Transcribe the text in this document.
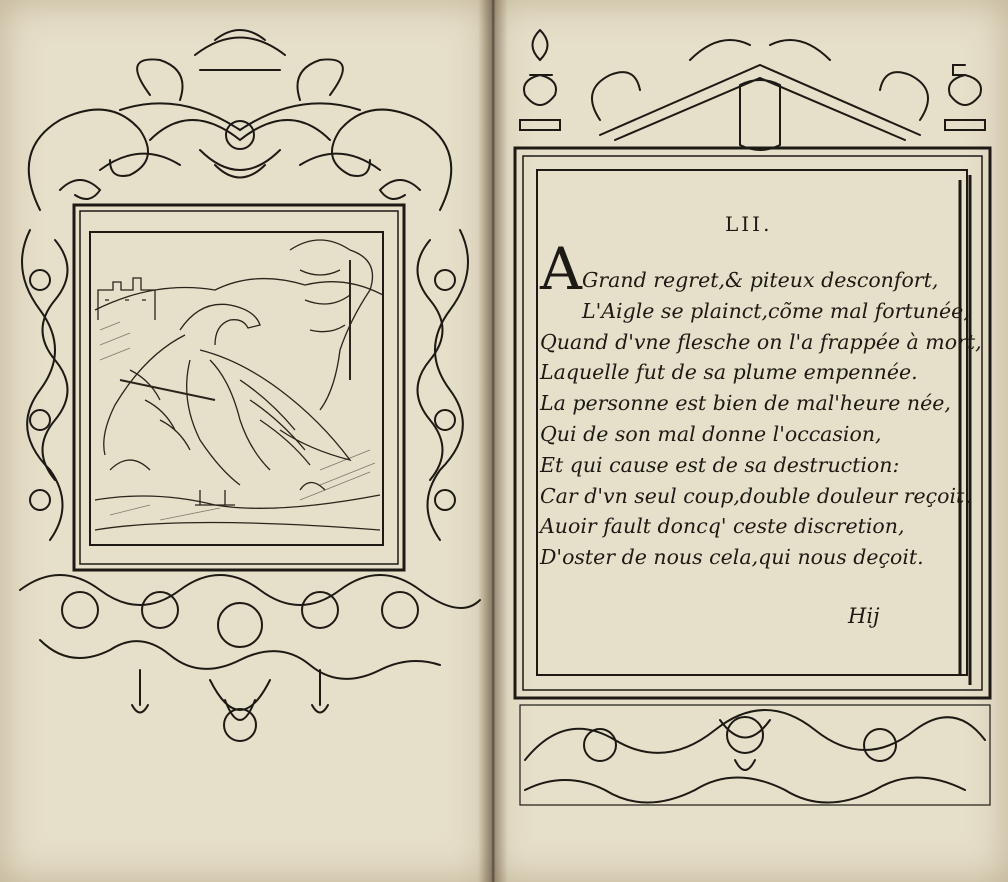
LII.
A Grand regret,& piteux desconfort,
L'Aigle se plainct,cõme mal fortunée,
Quand d'vne flesche on l'a frappée à mort,
Laquelle fut de sa plume empennée.
La personne est bien de mal'heure née,
Qui de son mal donne l'occasion,
Et qui cause est de sa destruction:
Car d'vn seul coup,double douleur reçoit.
Auoir fault doncq' ceste discretion,
D'oster de nous cela,qui nous deçoit.
Hij
